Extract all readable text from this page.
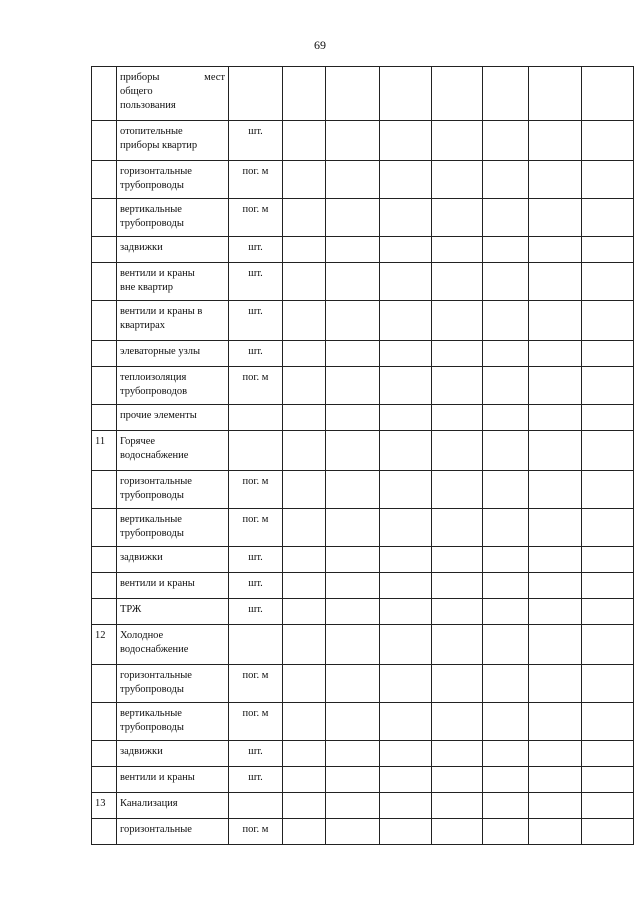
69

	приборы мест
общего
пользования								

	отопительные
приборы квартир	шт.							

	горизонтальные
трубопроводы	пог. м							

	вертикальные
трубопроводы	пог. м							

	задвижки	шт.							

	вентили и краны
вне квартир	шт.							

	вентили и краны в
квартирах	шт.							

	элеваторные узлы	шт.							

	теплоизоляция
трубопроводов	пог. м							

	прочие элементы								

11	Горячее
водоснабжение								

	горизонтальные
трубопроводы	пог. м							

	вертикальные
трубопроводы	пог. м							

	задвижки	шт.							

	вентили и краны	шт.							

	ТРЖ	шт.							
12	Холодное
водоснабжение								

	горизонтальные
трубопроводы	пог. м							

	вертикальные
трубопроводы	пог. м							

	задвижки	шт.							

	вентили и краны	шт.							
13	Канализация								

	горизонтальные	пог. м							
